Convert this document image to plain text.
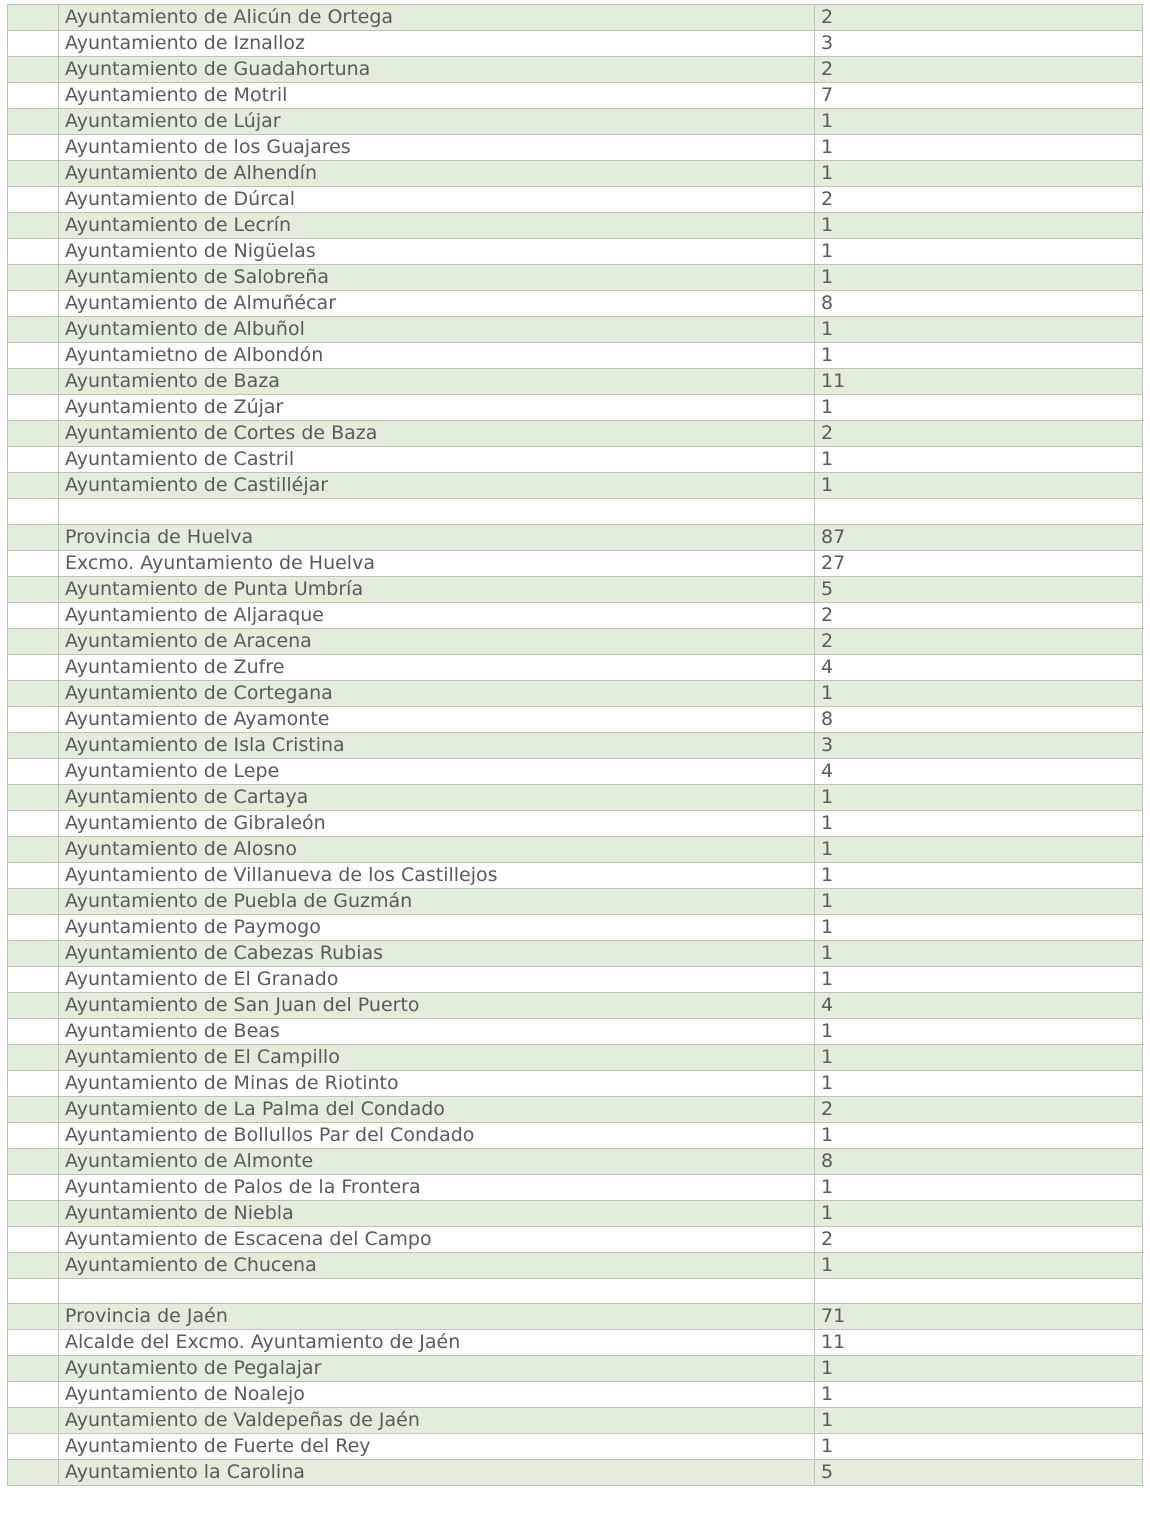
	Ayuntamiento de Alicún de Ortega	2
	Ayuntamiento de Iznalloz	3
	Ayuntamiento de Guadahortuna	2
	Ayuntamiento de Motril	7
	Ayuntamiento de Lújar	1
	Ayuntamiento de los Guajares	1
	Ayuntamiento de Alhendín	1
	Ayuntamiento de Dúrcal	2
	Ayuntamiento de Lecrín	1
	Ayuntamiento de Nigüelas	1
	Ayuntamiento de Salobreña	1
	Ayuntamiento de Almuñécar	8
	Ayuntamiento de Albuñol	1
	Ayuntamietno de Albondón	1
	Ayuntamiento de Baza	11
	Ayuntamiento de Zújar	1
	Ayuntamiento de Cortes de Baza	2
	Ayuntamiento de Castril	1
	Ayuntamiento de Castilléjar	1

	Provincia de Huelva	87
	Excmo. Ayuntamiento de Huelva	27
	Ayuntamiento de Punta Umbría	5
	Ayuntamiento de Aljaraque	2
	Ayuntamiento de Aracena	2
	Ayuntamiento de Zufre	4
	Ayuntamiento de Cortegana	1
	Ayuntamiento de Ayamonte	8
	Ayuntamiento de Isla Cristina	3
	Ayuntamiento de Lepe	4
	Ayuntamiento de Cartaya	1
	Ayuntamiento de Gibraleón	1
	Ayuntamiento de Alosno	1
	Ayuntamiento de Villanueva de los Castillejos	1
	Ayuntamiento de Puebla de Guzmán	1
	Ayuntamiento de Paymogo	1
	Ayuntamiento de Cabezas Rubias	1
	Ayuntamiento de El Granado	1
	Ayuntamiento de San Juan del Puerto	4
	Ayuntamiento de Beas	1
	Ayuntamiento de El Campillo	1
	Ayuntamiento de Minas de Riotinto	1
	Ayuntamiento de La Palma del Condado	2
	Ayuntamiento de Bollullos Par del Condado	1
	Ayuntamiento de Almonte	8
	Ayuntamiento de Palos de la Frontera	1
	Ayuntamiento de Niebla	1
	Ayuntamiento de Escacena del Campo	2
	Ayuntamiento de Chucena	1

	Provincia de Jaén	71
	Alcalde del Excmo. Ayuntamiento de Jaén	11
	Ayuntamiento de Pegalajar	1
	Ayuntamiento de Noalejo	1
	Ayuntamiento de Valdepeñas de Jaén	1
	Ayuntamiento de Fuerte del Rey	1
	Ayuntamiento la Carolina	5
